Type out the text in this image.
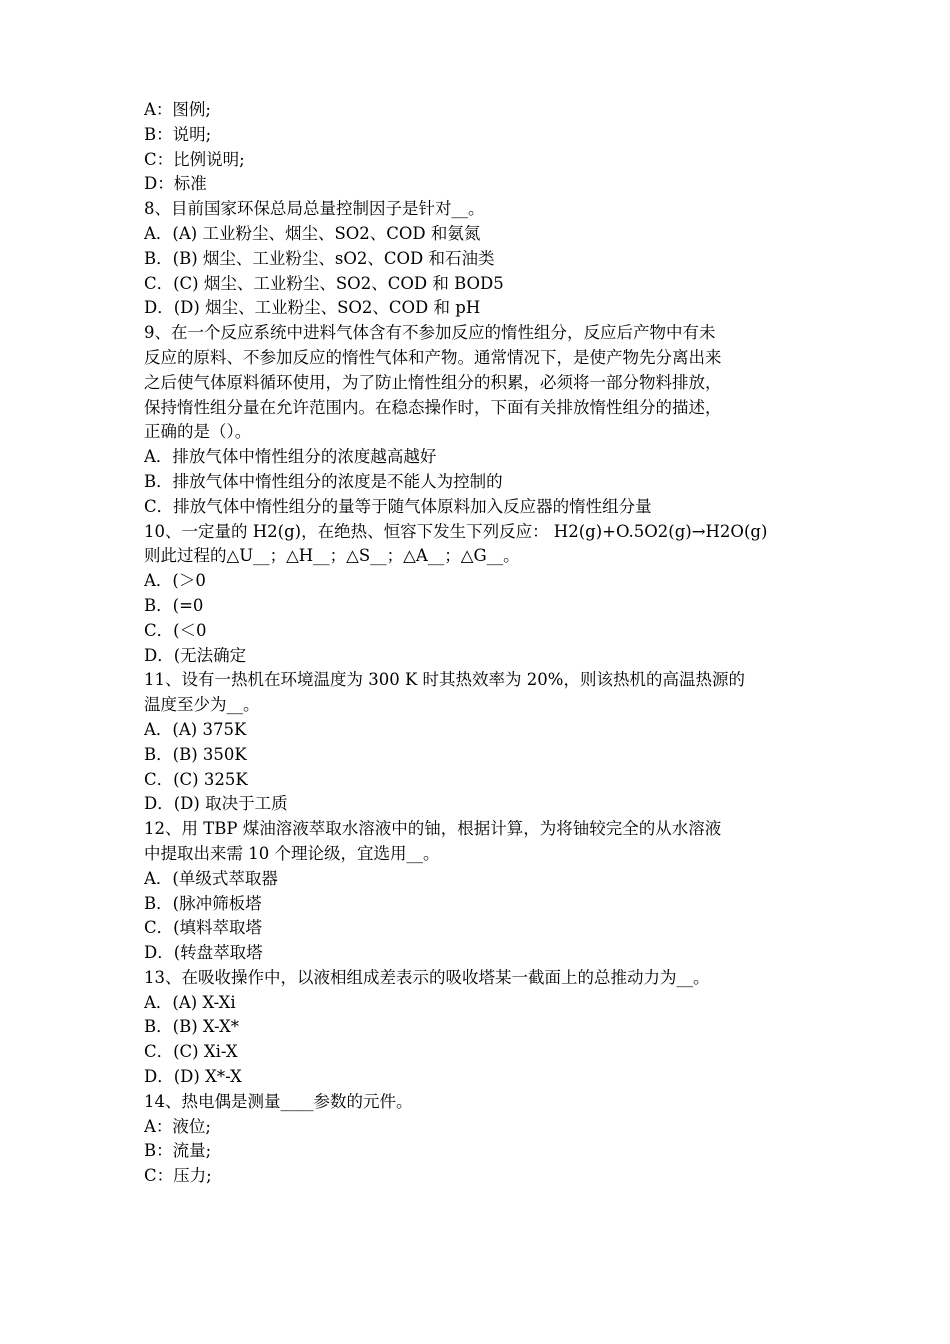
A：图例;
B：说明;
C：比例说明;
D：标准
8、目前国家环保总局总量控制因子是针对__。
A．(A) 工业粉尘、烟尘、SO2、COD 和氨氮
B．(B) 烟尘、工业粉尘、sO2、COD 和石油类
C．(C) 烟尘、工业粉尘、SO2、COD 和 BOD5
D．(D) 烟尘、工业粉尘、SO2、COD 和 pH
9、在一个反应系统中进料气体含有不参加反应的惰性组分，反应后产物中有未
反应的原料、不参加反应的惰性气体和产物。通常情况下，是使产物先分离出来
之后使气体原料循环使用，为了防止惰性组分的积累，必须将一部分物料排放，
保持惰性组分量在允许范围内。在稳态操作时，下面有关排放惰性组分的描述，
正确的是（）。
A．排放气体中惰性组分的浓度越高越好
B．排放气体中惰性组分的浓度是不能人为控制的
C．排放气体中惰性组分的量等于随气体原料加入反应器的惰性组分量
10、一定量的 H2(g)，在绝热、恒容下发生下列反应： H2(g)+O.5O2(g)→H2O(g)
则此过程的△U__；△H__；△S__；△A__；△G__。
A．(＞0
B．(=0
C．(＜0
D．(无法确定
11、设有一热机在环境温度为 300 K 时其热效率为 20%，则该热机的高温热源的
温度至少为__。
A．(A) 375K
B．(B) 350K
C．(C) 325K
D．(D) 取决于工质
12、用 TBP 煤油溶液萃取水溶液中的铀，根据计算，为将铀较完全的从水溶液
中提取出来需 10 个理论级，宜选用__。
A．(单级式萃取器
B．(脉冲筛板塔
C．(填料萃取塔
D．(转盘萃取塔
13、在吸收操作中，以液相组成差表示的吸收塔某一截面上的总推动力为__。
A．(A) X-Xi
B．(B) X-X*
C．(C) Xi-X
D．(D) X*-X
14、热电偶是测量____参数的元件。
A：液位;
B：流量;
C：压力;
